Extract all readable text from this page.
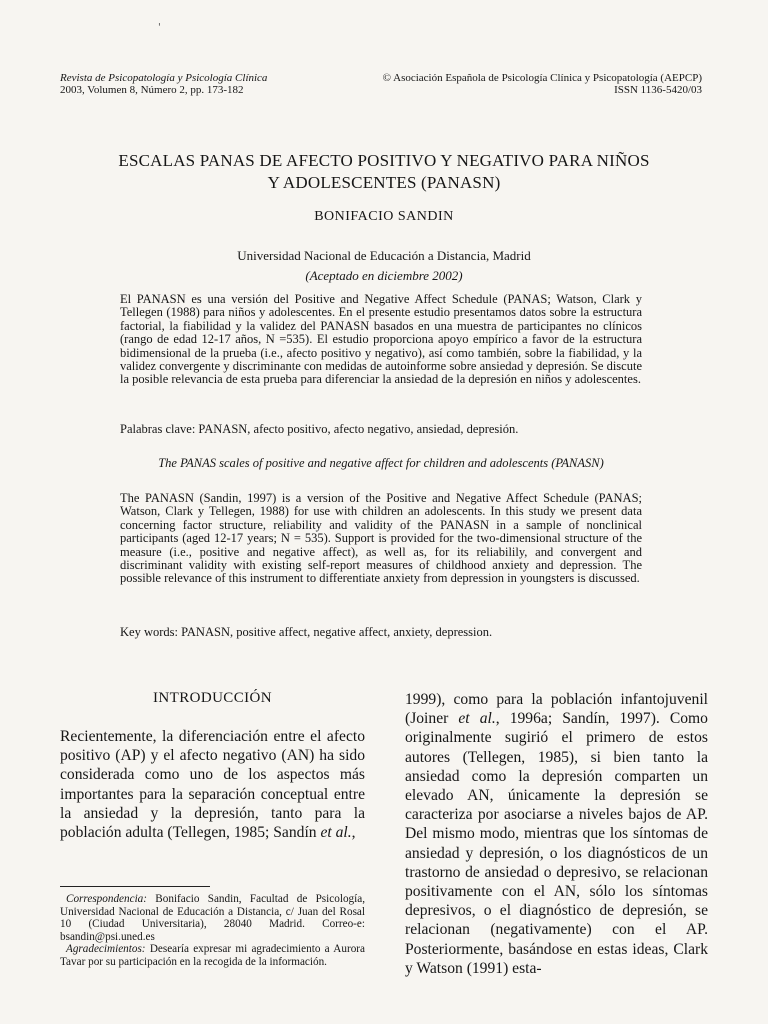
'
Revista de Psicopatología y Psicología Clínica
2003, Volumen 8, Número 2, pp. 173-182
© Asociación Española de Psicología Clínica y Psicopatología (AEPCP)
ISSN 1136-5420/03
ESCALAS PANAS DE AFECTO POSITIVO Y NEGATIVO PARA NIÑOS
Y ADOLESCENTES (PANASN)
BONIFACIO SANDIN
Universidad Nacional de Educación a Distancia, Madrid
(Aceptado en diciembre 2002)
El PANASN es una versión del Positive and Negative Affect Schedule (PANAS; Watson, Clark y Tellegen (1988) para niños y adolescentes. En el presente estudio presentamos datos sobre la estructura factorial, la fiabilidad y la validez del PANASN basados en una muestra de participantes no clínicos (rango de edad 12-17 años, N =535). El estudio proporciona apoyo empírico a favor de la estructura bidimensional de la prueba (i.e., afecto positivo y negativo), así como también, sobre la fiabilidad, y la validez convergente y discriminante con medidas de autoinforme sobre ansiedad y depresión. Se discute la posible relevancia de esta prueba para diferenciar la ansiedad de la depresión en niños y adolescentes.
Palabras clave: PANASN, afecto positivo, afecto negativo, ansiedad, depresión.
The PANAS scales of positive and negative affect for children and adolescents (PANASN)
The PANASN (Sandin, 1997) is a version of the Positive and Negative Affect Schedule (PANAS; Watson, Clark y Tellegen, 1988) for use with children an adolescents. In this study we present data concerning factor structure, reliability and validity of the PANASN in a sample of nonclinical participants (aged 12-17 years; N = 535). Support is provided for the two-dimensional structure of the measure (i.e., positive and negative affect), as well as, for its reliabilily, and convergent and discriminant validity with existing self-report measures of childhood anxiety and depression. The possible relevance of this instrument to differentiate anxiety from depression in youngsters is discussed.
Key words: PANASN, positive affect, negative affect, anxiety, depression.
INTRODUCCIÓN
Recientemente, la diferenciación entre el afecto positivo (AP) y el afecto negativo (AN) ha sido considerada como uno de los aspectos más importantes para la separación conceptual entre la ansiedad y la depresión, tanto para la población adulta (Tellegen, 1985; Sandín et al.,
1999), como para la población infantojuvenil (Joiner et al., 1996a; Sandín, 1997). Como originalmente sugirió el primero de estos autores (Tellegen, 1985), si bien tanto la ansiedad como la depresión comparten un elevado AN, únicamente la depresión se caracteriza por asociarse a niveles bajos de AP. Del mismo modo, mientras que los síntomas de ansiedad y depresión, o los diagnósticos de un trastorno de ansiedad o depresivo, se relacionan positivamente con el AN, sólo los síntomas depresivos, o el diagnóstico de depresión, se relacionan (negativamente) con el AP. Posteriormente, basándose en estas ideas, Clark y Watson (1991) esta-

Correspondencia: Bonifacio Sandin, Facultad de Psicología, Universidad Nacional de Educación a Distancia, c/ Juan del Rosal 10 (Ciudad Universitaria), 28040 Madrid. Correo-e: bsandin@psi.uned.es

Agradecimientos: Desearía expresar mi agradecimiento a Aurora Tavar por su participación en la recogida de la información.
